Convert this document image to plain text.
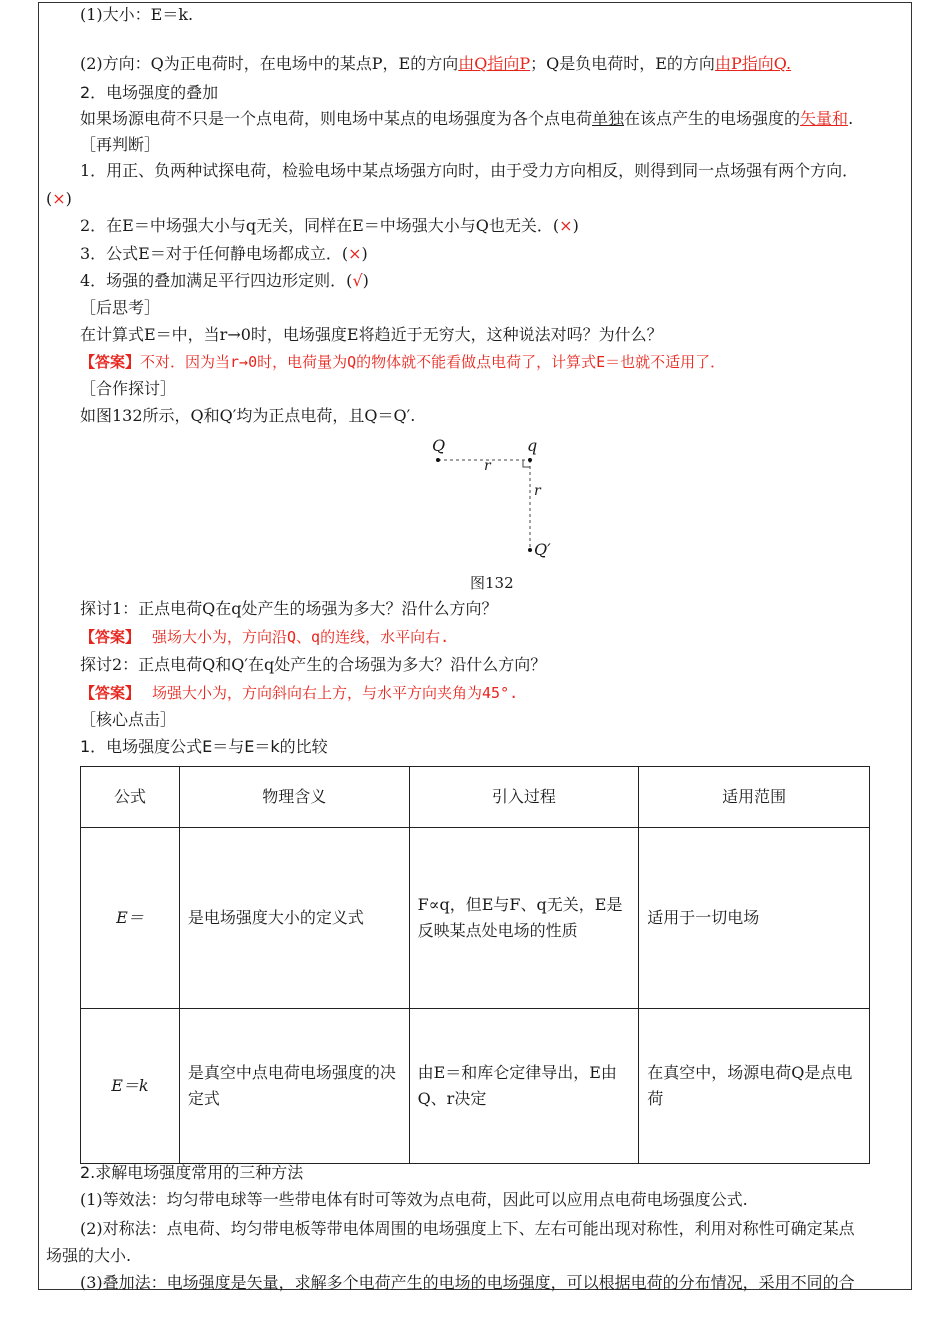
(1)大小：E＝k.
(2)方向：Q为正电荷时，在电场中的某点P，E的方向由Q指向P；Q是负电荷时，E的方向由P指向Q.
2．电场强度的叠加
如果场源电荷不只是一个点电荷，则电场中某点的电场强度为各个点电荷单独在该点产生的电场强度的矢量和.
［再判断］
1．用正、负两种试探电荷，检验电场中某点场强方向时，由于受力方向相反，则得到同一点场强有两个方向．
(×)
2．在E＝中场强大小与q无关，同样在E＝中场强大小与Q也无关．(×)
3．公式E＝对于任何静电场都成立．(×)
4．场强的叠加满足平行四边形定则．(√)
［后思考］
在计算式E＝中，当r→0时，电场强度E将趋近于无穷大，这种说法对吗？为什么？
【答案】不对．因为当r→0时，电荷量为Q的物体就不能看做点电荷了，计算式E＝也就不适用了．
［合作探讨］
如图132所示，Q和Q′均为正点电荷，且Q＝Q′.
Q	q
r
r
Q′
图132
探讨1：正点电荷Q在q处产生的场强为多大？沿什么方向？
【答案】 强场大小为，方向沿Q、q的连线，水平向右.
探讨2：正点电荷Q和Q′在q处产生的合场强为多大？沿什么方向？
【答案】 场强大小为，方向斜向右上方，与水平方向夹角为45°.
［核心点击］
1．电场强度公式E＝与E＝k的比较
公式	物理含义	引入过程	适用范围
E＝	是电场强度大小的定义式	F∝q，但E与F、q无关，E是反映某点处电场的性质	适用于一切电场
E＝k	是真空中点电荷电场强度的决定式	由E＝和库仑定律导出，E由Q、r决定	在真空中，场源电荷Q是点电荷
2.求解电场强度常用的三种方法
(1)等效法：均匀带电球等一些带电体有时可等效为点电荷，因此可以应用点电荷电场强度公式.
(2)对称法：点电荷、均匀带电板等带电体周围的电场强度上下、左右可能出现对称性，利用对称性可确定某点
场强的大小.
(3)叠加法：电场强度是矢量，求解多个电荷产生的电场的电场强度，可以根据电荷的分布情况，采用不同的合
